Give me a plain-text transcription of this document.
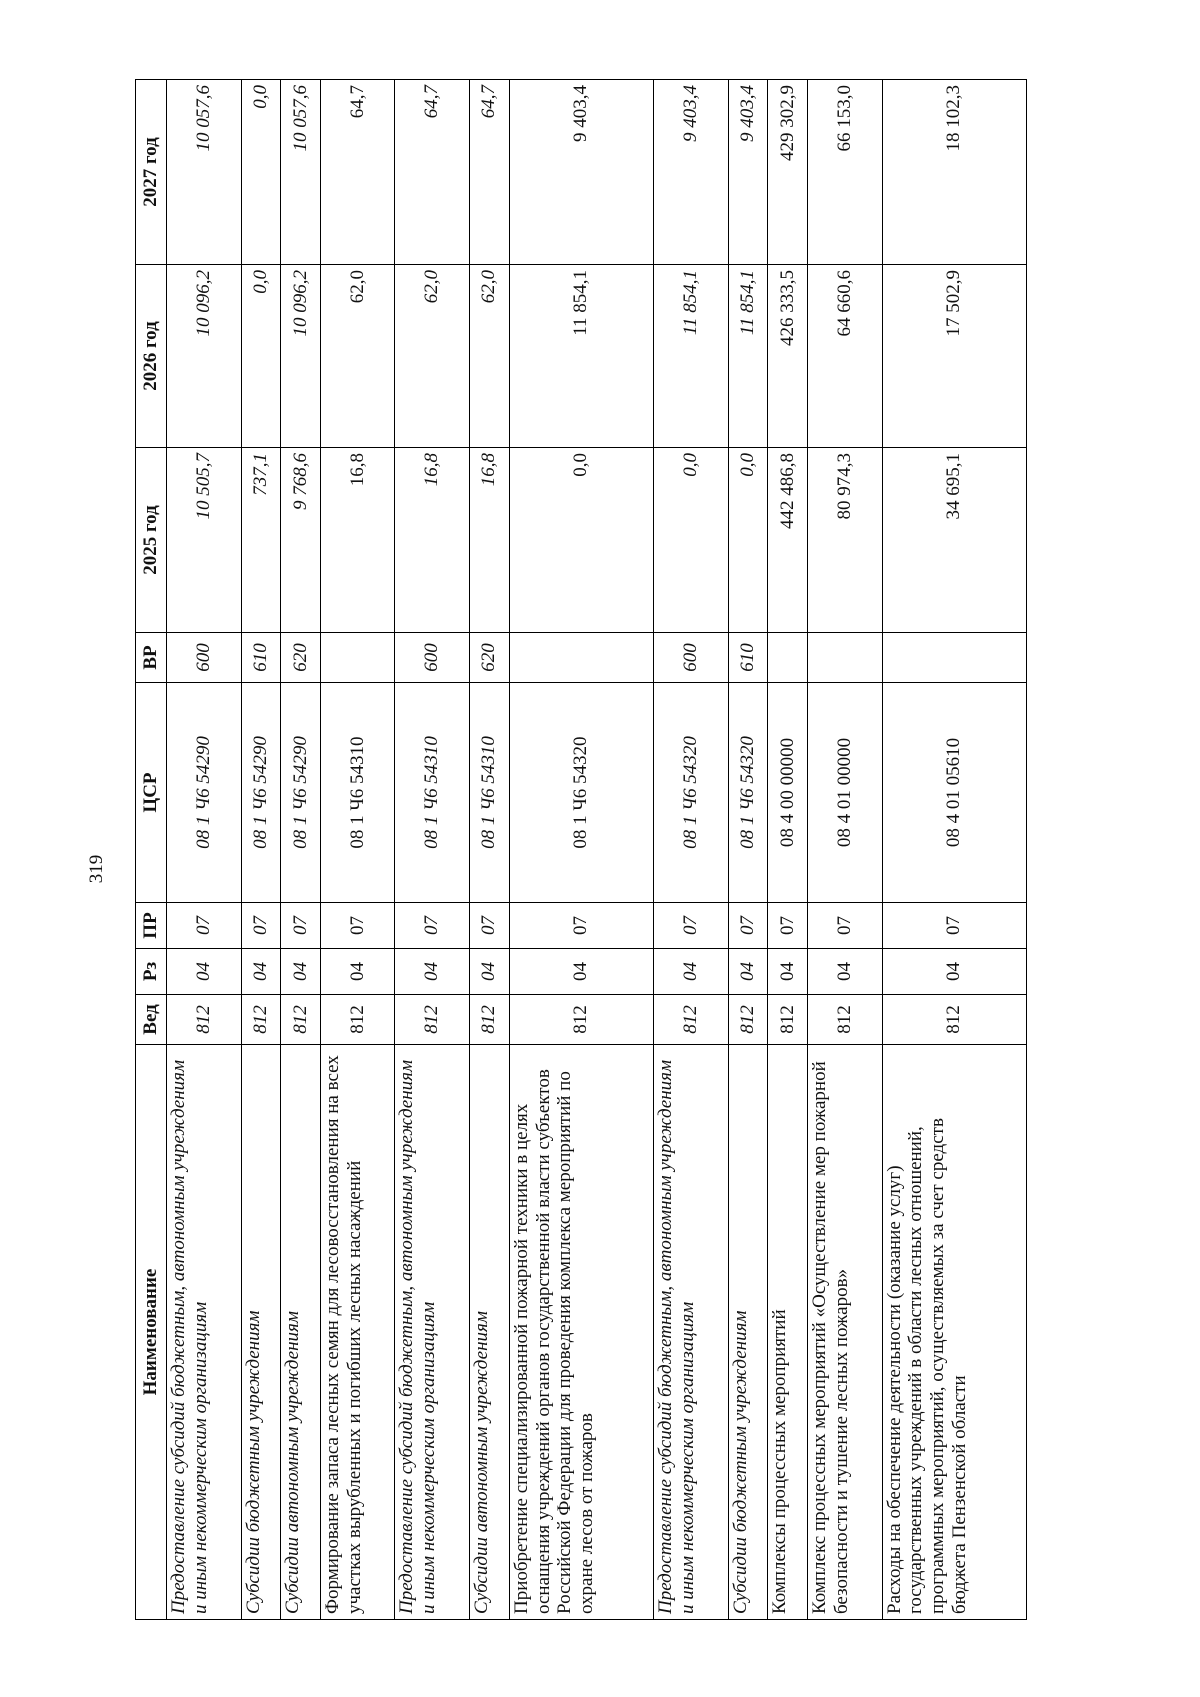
319
Наименование	Вед	Рз	ПР	ЦСР	ВР	2025 год	2026 год	2027 год
Предоставление субсидий бюджетным, автономным учреждениям и иным некоммерческим организациям	812	04	07	08 1 Ч6 54290	600	10 505,7	10 096,2	10 057,6
Субсидии бюджетным учреждениям	812	04	07	08 1 Ч6 54290	610	737,1	0,0	0,0
Субсидии автономным учреждениям	812	04	07	08 1 Ч6 54290	620	9 768,6	10 096,2	10 057,6
Формирование запаса лесных семян для лесовосстановления на всех участках вырубленных и погибших лесных насаждений	812	04	07	08 1 Ч6 54310		16,8	62,0	64,7
Предоставление субсидий бюджетным, автономным учреждениям и иным некоммерческим организациям	812	04	07	08 1 Ч6 54310	600	16,8	62,0	64,7
Субсидии автономным учреждениям	812	04	07	08 1 Ч6 54310	620	16,8	62,0	64,7
Приобретение специализированной пожарной техники в целях оснащения учреждений органов государственной власти субъектов Российской Федерации для проведения комплекса мероприятий по охране лесов от пожаров	812	04	07	08 1 Ч6 54320		0,0	11 854,1	9 403,4
Предоставление субсидий бюджетным, автономным учреждениям и иным некоммерческим организациям	812	04	07	08 1 Ч6 54320	600	0,0	11 854,1	9 403,4
Субсидии бюджетным учреждениям	812	04	07	08 1 Ч6 54320	610	0,0	11 854,1	9 403,4
Комплексы процессных мероприятий	812	04	07	08 4 00 00000		442 486,8	426 333,5	429 302,9
Комплекс процессных мероприятий «Осуществление мер пожарной безопасности и тушение лесных пожаров»	812	04	07	08 4 01 00000		80 974,3	64 660,6	66 153,0
Расходы на обеспечение деятельности (оказание услуг) государственных учреждений в области лесных отношений, программных мероприятий, осуществляемых за счет средств бюджета Пензенской области	812	04	07	08 4 01 05610		34 695,1	17 502,9	18 102,3
